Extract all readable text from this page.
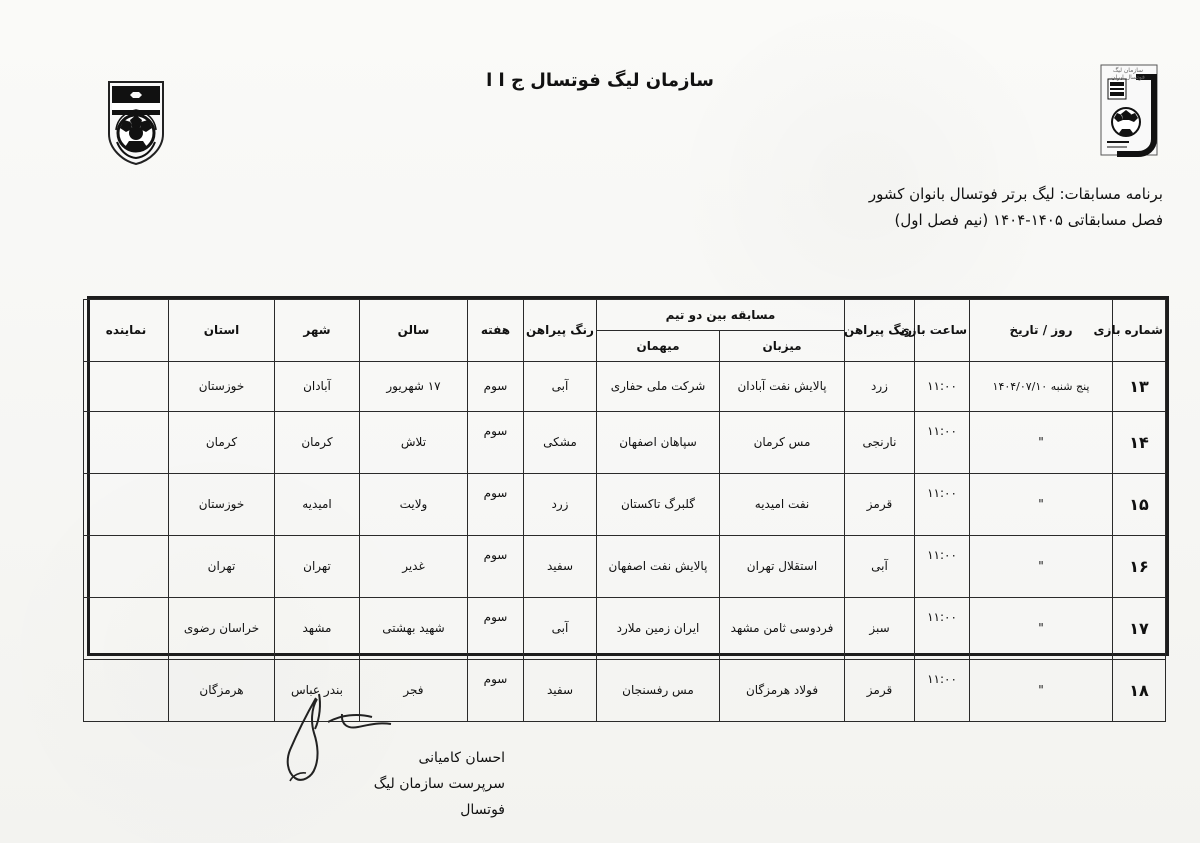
سازمان لیگ فوتسال ج ا ا	سازمان لیگ فوتسال ایران
برنامه مسابقات: لیگ برتر فوتسال بانوان کشور
فصل مسابقاتی ۱۴۰۵-۱۴۰۴ (نیم فصل اول)
شماره بازی	روز / تاریخ	ساعت بازی	رنگ پیراهن	مسابقه بین دو تیم		رنگ پیراهن	هفته	سالن	شهر	استان	نماینده
				میزبان	میهمان						
۱۳	پنج شنبه ۱۴۰۴/۰۷/۱۰	۱۱:۰۰	زرد	پالایش نفت آبادان	شرکت ملی حفاری	آبی	سوم	۱۷ شهریور	آبادان	خوزستان	
۱۴	"	۱۱:۰۰	نارنجی	مس کرمان	سپاهان اصفهان	مشکی	سوم	تلاش	کرمان	کرمان	
۱۵	"	۱۱:۰۰	قرمز	نفت امیدیه	گلبرگ تاکستان	زرد	سوم	ولایت	امیدیه	خوزستان	
۱۶	"	۱۱:۰۰	آبی	استقلال تهران	پالایش نفت اصفهان	سفید	سوم	غدیر	تهران	تهران	
۱۷	"	۱۱:۰۰	سبز	فردوسی ثامن مشهد	ایران زمین ملارد	آبی	سوم	شهید بهشتی	مشهد	خراسان رضوی	
۱۸	"	۱۱:۰۰	قرمز	فولاد هرمزگان	مس رفسنجان	سفید	سوم	فجر	بندر عباس	هرمزگان	
احسان کامیانی
سرپرست سازمان لیگ فوتسال
